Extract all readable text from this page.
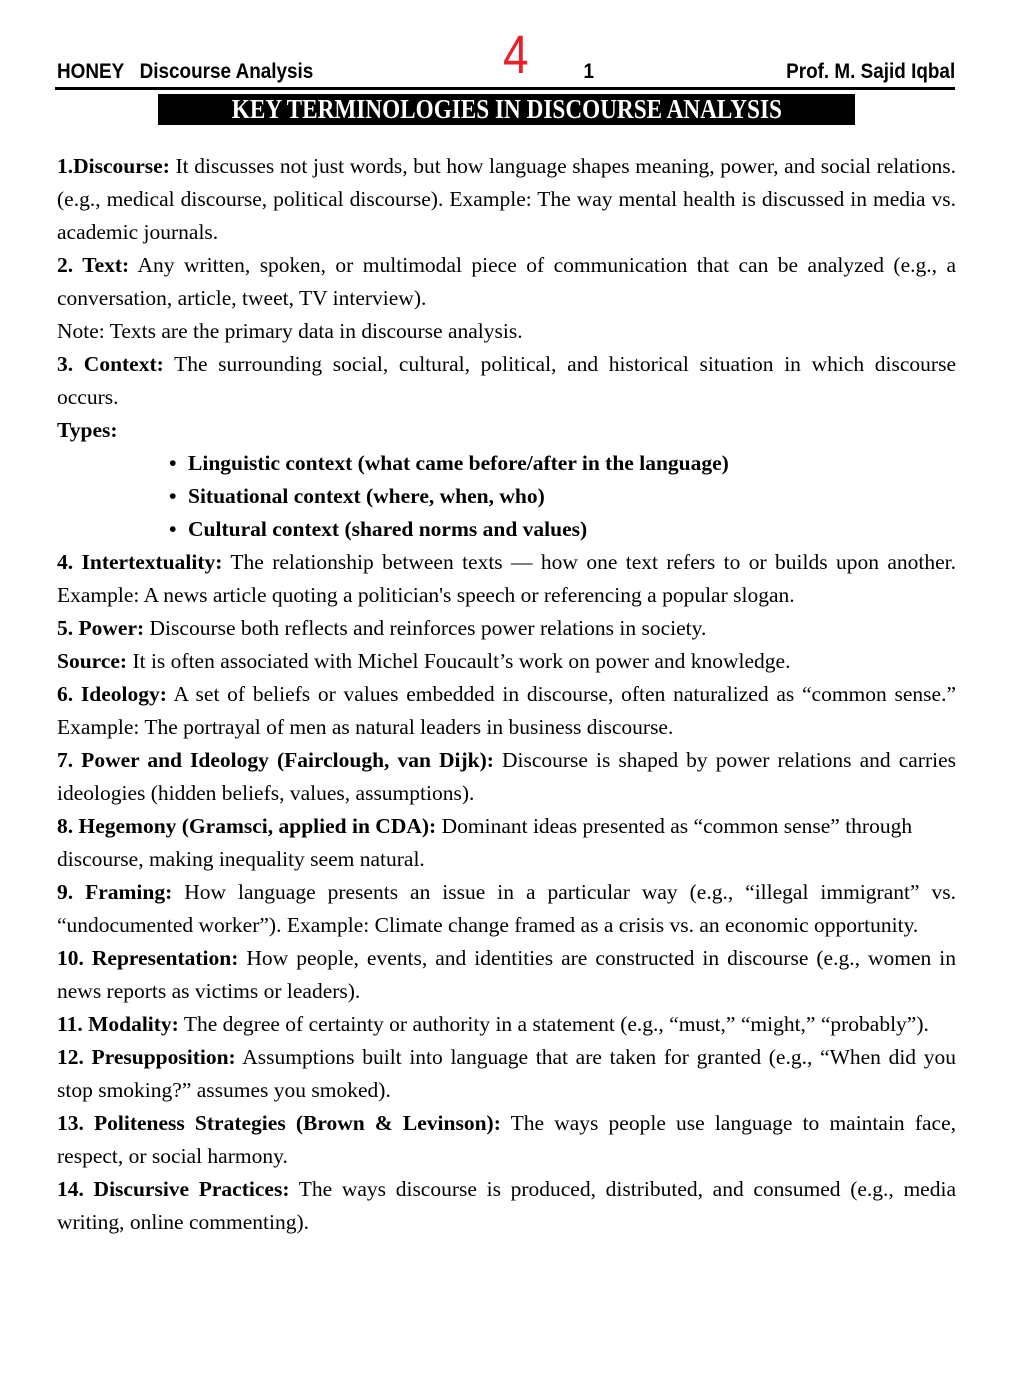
HONEY   Discourse Analysis	1	Prof. M. Sajid Iqbal
4
KEY TERMINOLOGIES IN DISCOURSE ANALYSIS

1.Discourse: It discusses not just words, but how language shapes meaning, power, and social relations. (e.g., medical discourse, political discourse). Example: The way mental health is discussed in media vs. academic journals.

2. Text: Any written, spoken, or multimodal piece of communication that can be analyzed (e.g., a conversation, article, tweet, TV interview).

Note: Texts are the primary data in discourse analysis.

3. Context: The surrounding social, cultural, political, and historical situation in which discourse occurs.

Types:

• Linguistic context (what came before/after in the language)
• Situational context (where, when, who)
• Cultural context (shared norms and values)

4. Intertextuality: The relationship between texts — how one text refers to or builds upon another. Example: A news article quoting a politician's speech or referencing a popular slogan.

5. Power: Discourse both reflects and reinforces power relations in society.

Source: It is often associated with Michel Foucault’s work on power and knowledge.

6. Ideology: A set of beliefs or values embedded in discourse, often naturalized as “common sense.” Example: The portrayal of men as natural leaders in business discourse.

7. Power and Ideology (Fairclough, van Dijk): Discourse is shaped by power relations and carries ideologies (hidden beliefs, values, assumptions).

8. Hegemony (Gramsci, applied in CDA): Dominant ideas presented as “common sense” through discourse, making inequality seem natural.

9. Framing: How language presents an issue in a particular way (e.g., “illegal immigrant” vs. “undocumented worker”). Example: Climate change framed as a crisis vs. an economic opportunity.

10. Representation: How people, events, and identities are constructed in discourse (e.g., women in news reports as victims or leaders).

11. Modality: The degree of certainty or authority in a statement (e.g., “must,” “might,” “probably”).

12. Presupposition: Assumptions built into language that are taken for granted (e.g., “When did you stop smoking?” assumes you smoked).

13. Politeness Strategies (Brown & Levinson): The ways people use language to maintain face, respect, or social harmony.

14. Discursive Practices: The ways discourse is produced, distributed, and consumed (e.g., media writing, online commenting).
